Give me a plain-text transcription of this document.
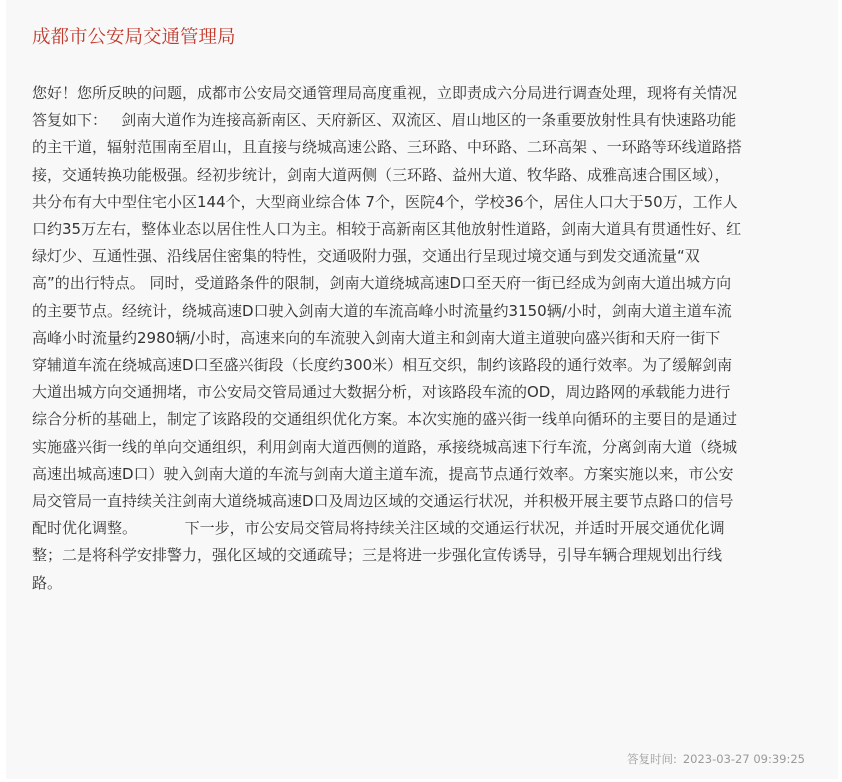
成都市公安局交通管理局
您好！您所反映的问题，成都市公安局交通管理局高度重视，立即责成六分局进行调查处理，现将有关情况
答复如下：   剑南大道作为连接高新南区、天府新区、双流区、眉山地区的一条重要放射性具有快速路功能
的主干道，辐射范围南至眉山，且直接与绕城高速公路、三环路、中环路、二环高架 、一环路等环线道路搭
接，交通转换功能极强。经初步统计，剑南大道两侧（三环路、益州大道、牧华路、成雅高速合围区域），
共分布有大中型住宅小区144个，大型商业综合体 7个，医院4个，学校36个，居住人口大于50万，工作人
口约35万左右，整体业态以居住性人口为主。相较于高新南区其他放射性道路，剑南大道具有贯通性好、红
绿灯少、互通性强、沿线居住密集的特性，交通吸附力强，交通出行呈现过境交通与到发交通流量“双
高”的出行特点。 同时，受道路条件的限制，剑南大道绕城高速D口至天府一街已经成为剑南大道出城方向
的主要节点。经统计，绕城高速D口驶入剑南大道的车流高峰小时流量约3150辆/小时，剑南大道主道车流
高峰小时流量约2980辆/小时，高速来向的车流驶入剑南大道主和剑南大道主道驶向盛兴街和天府一街下
穿辅道车流在绕城高速D口至盛兴街段（长度约300米）相互交织，制约该路段的通行效率。为了缓解剑南
大道出城方向交通拥堵，市公安局交管局通过大数据分析，对该路段车流的OD，周边路网的承载能力进行
综合分析的基础上，制定了该路段的交通组织优化方案。本次实施的盛兴街一线单向循环的主要目的是通过
实施盛兴街一线的单向交通组织，利用剑南大道西侧的道路，承接绕城高速下行车流，分离剑南大道（绕城
高速出城高速D口）驶入剑南大道的车流与剑南大道主道车流，提高节点通行效率。方案实施以来，市公安
局交管局一直持续关注剑南大道绕城高速D口及周边区域的交通运行状况，并积极开展主要节点路口的信号
配时优化调整。          下一步，市公安局交管局将持续关注区域的交通运行状况，并适时开展交通优化调
整；二是将科学安排警力，强化区域的交通疏导；三是将进一步强化宣传诱导，引导车辆合理规划出行线
路。
答复时间: 2023-03-27 09:39:25
